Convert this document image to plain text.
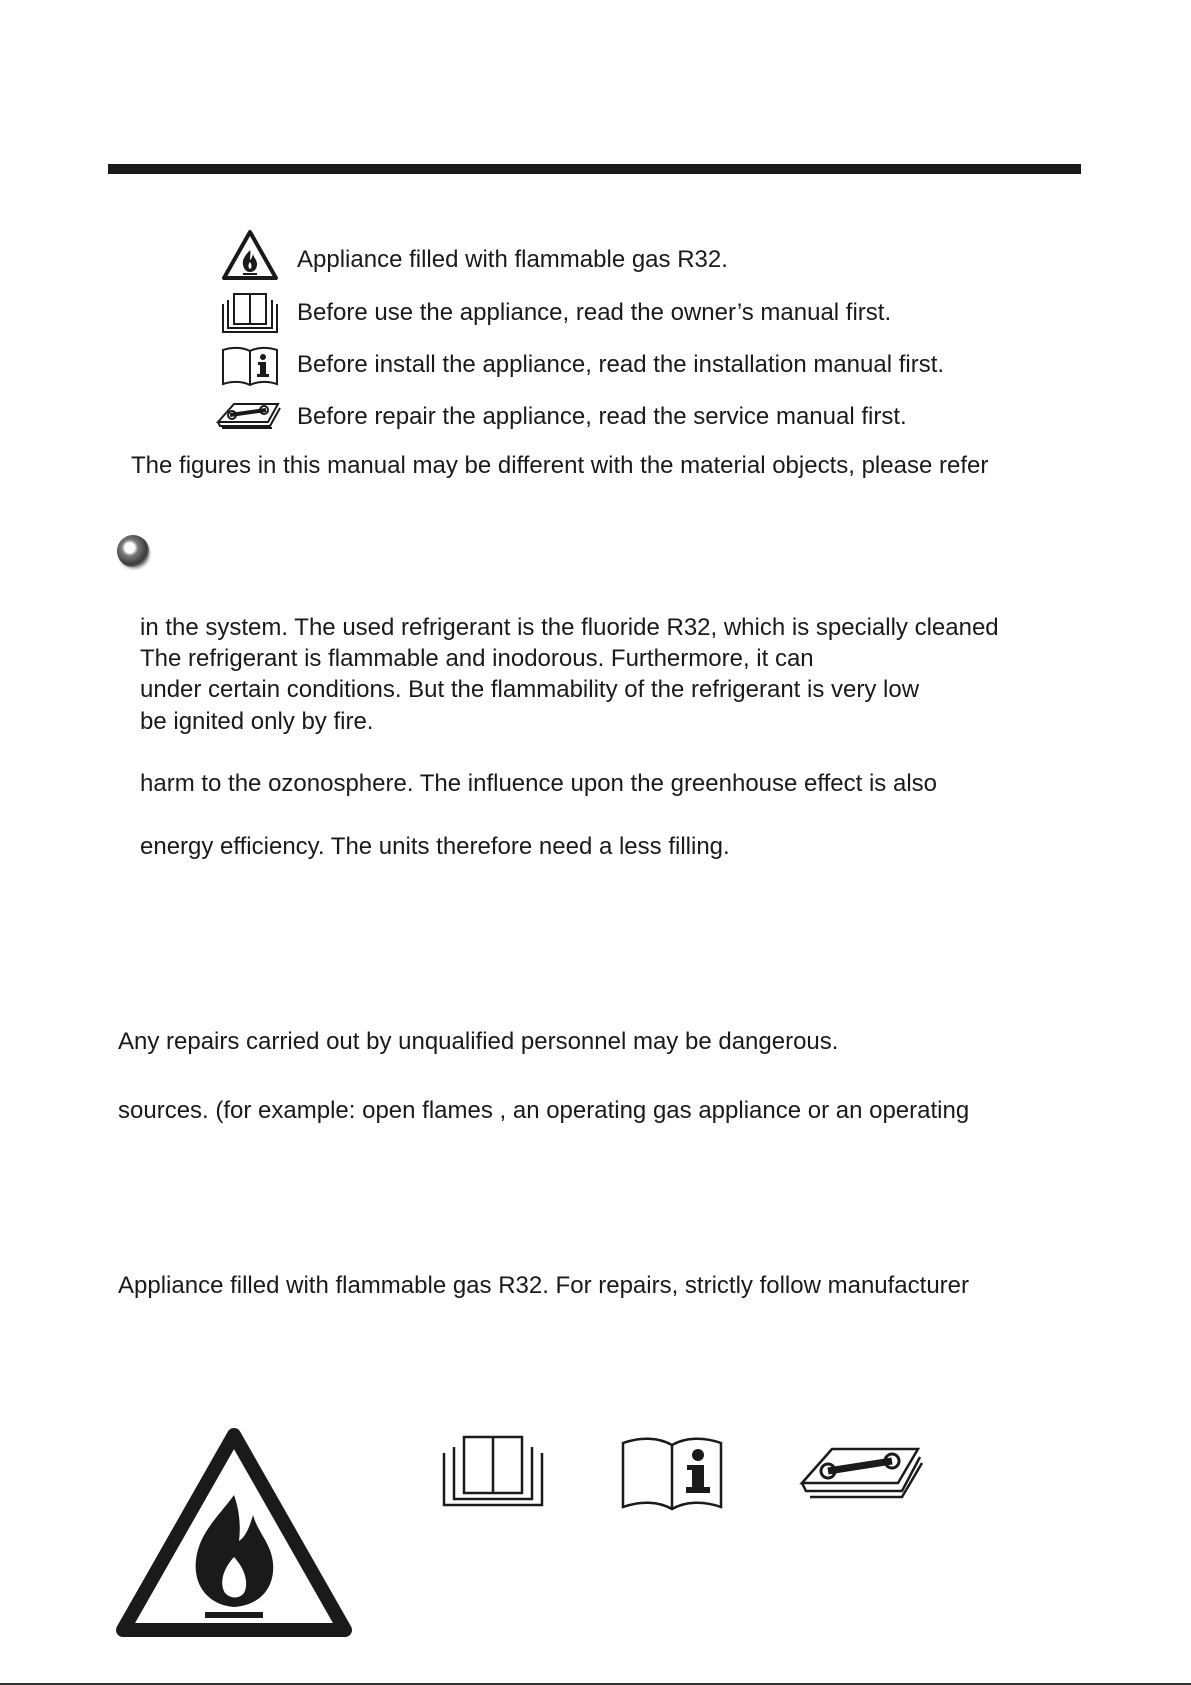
Appliance filled with flammable gas R32.
Before use the appliance, read the owner’s manual first.
Before install the appliance, read the installation manual first.
Before repair the appliance, read the service manual first.
The figures in this manual may be different with the material objects, please refer
in the system. The used refrigerant is the fluoride R32, which is specially cleaned
The refrigerant is flammable and inodorous. Furthermore, it can
under certain conditions. But the flammability of the refrigerant is very low
be ignited only by fire.
harm to the ozonosphere. The influence upon the greenhouse effect is also
energy efficiency. The units therefore need a less filling.
Any repairs carried out by unqualified personnel may be dangerous.
sources. (for example: open flames , an operating gas appliance or an operating
Appliance filled with flammable gas R32. For repairs, strictly follow manufacturer
